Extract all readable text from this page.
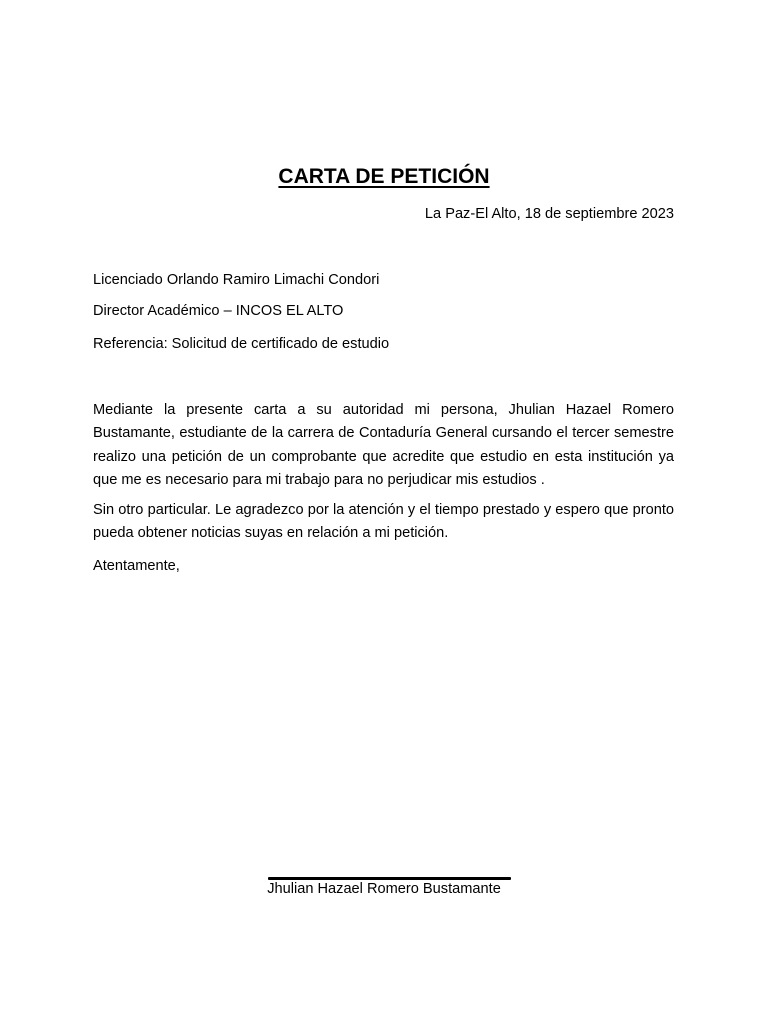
CARTA DE PETICIÓN
La Paz-El Alto, 18 de septiembre 2023
Licenciado Orlando Ramiro Limachi Condori
Director Académico – INCOS EL ALTO
Referencia: Solicitud de certificado de estudio
Mediante la presente carta a su autoridad mi persona, Jhulian Hazael Romero Bustamante, estudiante de la carrera de Contaduría General cursando el tercer semestre realizo una petición de un comprobante que acredite que estudio en esta institución ya que me es necesario para mi trabajo para no perjudicar mis estudios .
Sin otro particular. Le agradezco por la atención y el tiempo prestado y espero que pronto pueda obtener noticias suyas en relación a mi petición.
Atentamente,
Jhulian Hazael Romero Bustamante
